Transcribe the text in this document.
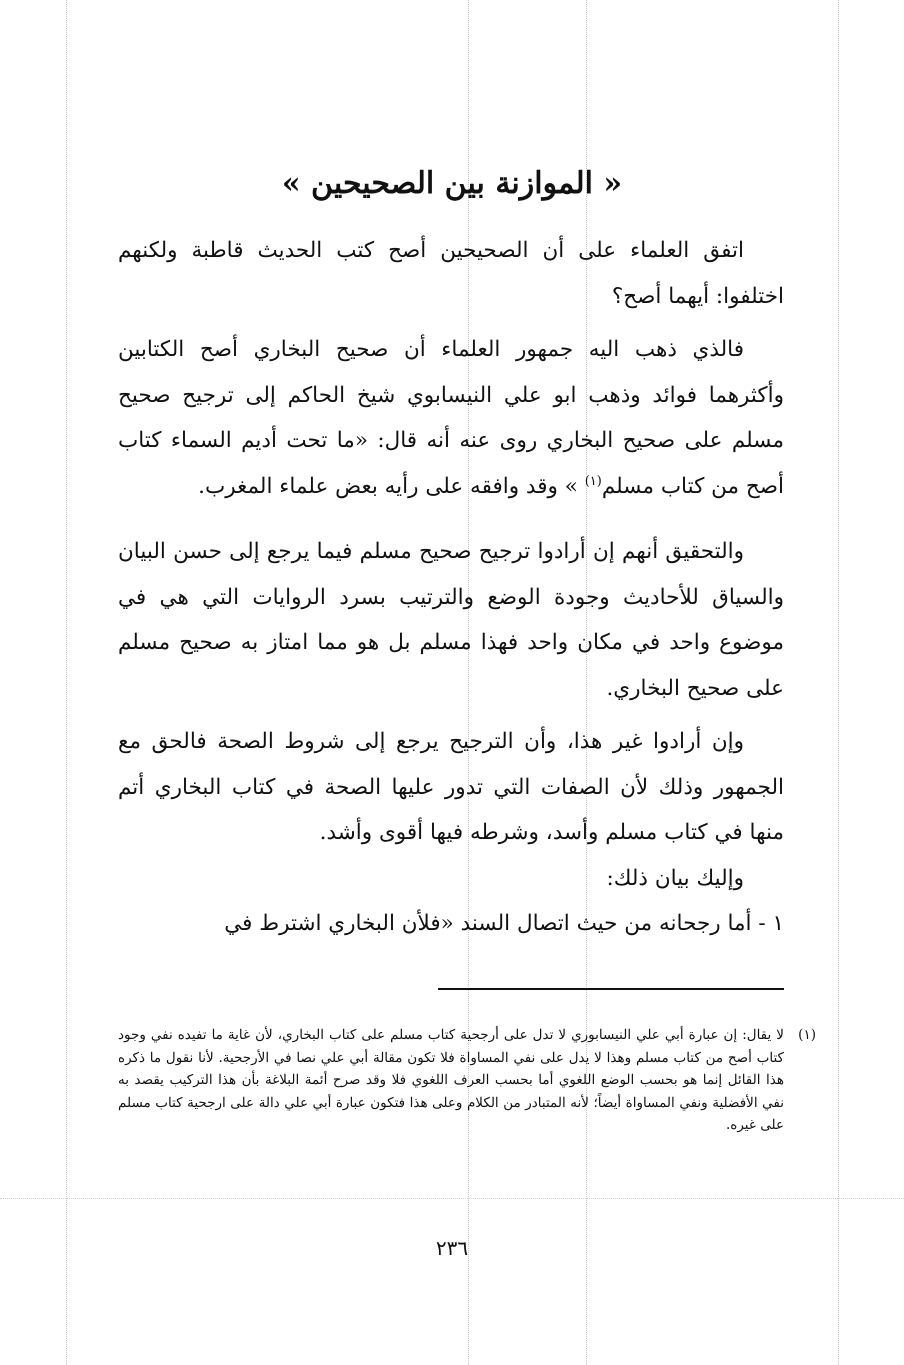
« الموازنة بين الصحيحين »

اتفق العلماء على أن الصحيحين أصح كتب الحديث قاطبة ولكنهم اختلفوا: أيهما أصح؟

فالذي ذهب اليه جمهور العلماء أن صحيح البخاري أصح الكتابين وأكثرهما فوائد وذهب ابو علي النيسابوي شيخ الحاكم إلى ترجيح صحيح مسلم على صحيح البخاري روى عنه أنه قال: «ما تحت أديم السماء كتاب أصح من كتاب مسلم$^{(١)}$ » وقد وافقه على رأيه بعض علماء المغرب.

والتحقيق أنهم إن أرادوا ترجيح صحيح مسلم فيما يرجع إلى حسن البيان والسياق للأحاديث وجودة الوضع والترتيب بسرد الروايات التي هي في موضوع واحد في مكان واحد فهذا مسلم بل هو مما امتاز به صحيح مسلم على صحيح البخاري.

وإن أرادوا غير هذا، وأن الترجيح يرجع إلى شروط الصحة فالحق مع الجمهور وذلك لأن الصفات التي تدور عليها الصحة في كتاب البخاري أتم منها في كتاب مسلم وأسد، وشرطه فيها أقوى وأشد.

وإليك بيان ذلك:

١ - أما رجحانه من حيث اتصال السند «فلأن البخاري اشترط في

(١)
لا يقال: إن عبارة أبي علي النيسابوري لا تدل على أرجحية كتاب مسلم على كتاب البخاري، لأن غاية ما تفيده نفي وجود كتاب أصح من كتاب مسلم وهذا لا يدل على نفي المساواة فلا تكون مقالة أبي علي نصا في الأرجحية. لأنا نقول ما ذكره هذا القائل إنما هو بحسب الوضع اللغوي أما بحسب العرف اللغوي فلا وقد صرح أئمة البلاغة بأن هذا التركيب يقصد به نفي الأفضلية ونفي المساواة أيضاً؛ لأنه المتبادر من الكلام وعلى هذا فتكون عبارة أبي علي دالة على ارجحية كتاب مسلم على غيره.
٢٣٦
